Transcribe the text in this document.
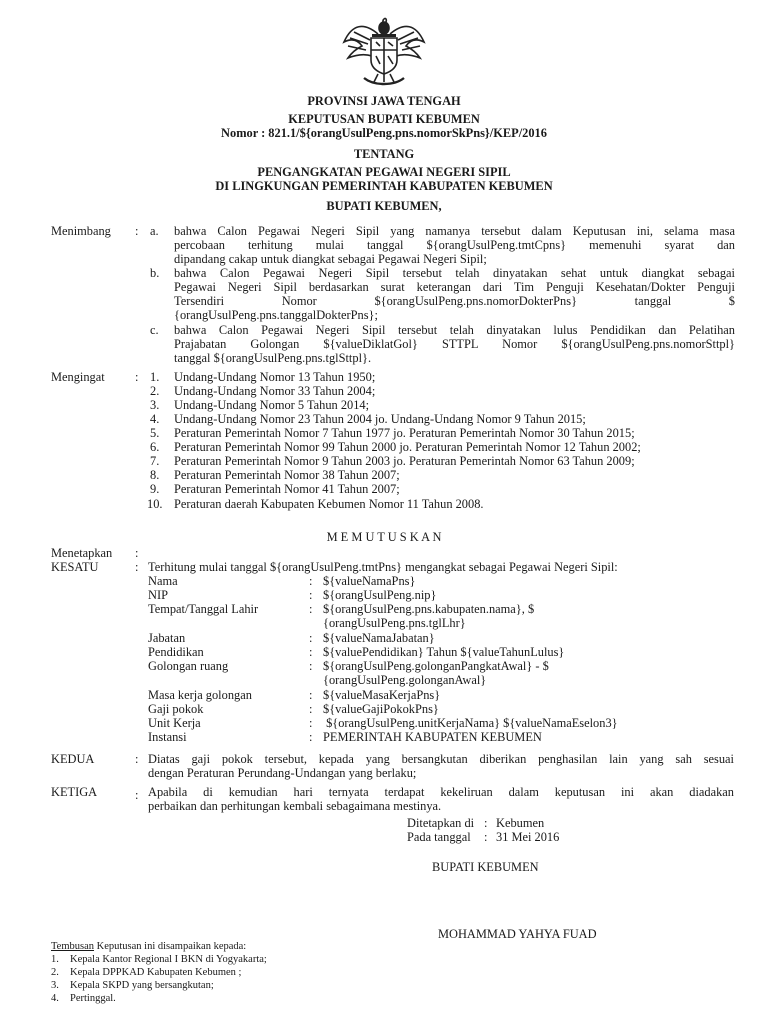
PROVINSI JAWA TENGAH
KEPUTUSAN BUPATI KEBUMEN
Nomor : 821.1/${orangUsulPeng.pns.nomorSkPns}/KEP/2016
TENTANG
PENGANGKATAN PEGAWAI NEGERI SIPIL
DI LINGKUNGAN PEMERINTAH KABUPATEN KEBUMEN
BUPATI KEBUMEN,
Menimbang : a. bahwa Calon Pegawai Negeri Sipil yang namanya tersebut dalam Keputusan ini, selama masa
percobaan terhitung mulai tanggal ${orangUsulPeng.tmtCpns} memenuhi syarat dan
dipandang cakap untuk diangkat sebagai Pegawai Negeri Sipil;
b. bahwa Calon Pegawai Negeri Sipil tersebut telah dinyatakan sehat untuk diangkat sebagai
Pegawai Negeri Sipil berdasarkan surat keterangan dari Tim Penguji Kesehatan/Dokter Penguji
Tersendiri Nomor ${orangUsulPeng.pns.nomorDokterPns} tanggal $
{orangUsulPeng.pns.tanggalDokterPns};
c. bahwa Calon Pegawai Negeri Sipil tersebut telah dinyatakan lulus Pendidikan dan Pelatihan
Prajabatan Golongan ${valueDiklatGol} STTPL Nomor ${orangUsulPeng.pns.nomorSttpl}
tanggal ${orangUsulPeng.pns.tglSttpl}.
Mengingat : 1. Undang-Undang Nomor 13 Tahun 1950;
2. Undang-Undang Nomor 33 Tahun 2004;
3. Undang-Undang Nomor 5 Tahun 2014;
4. Undang-Undang Nomor 23 Tahun 2004 jo. Undang-Undang Nomor 9 Tahun 2015;
5. Peraturan Pemerintah Nomor 7 Tahun 1977 jo. Peraturan Pemerintah Nomor 30 Tahun 2015;
6. Peraturan Pemerintah Nomor 99 Tahun 2000 jo. Peraturan Pemerintah Nomor 12 Tahun 2002;
7. Peraturan Pemerintah Nomor 9 Tahun 2003 jo. Peraturan Pemerintah Nomor 63 Tahun 2009;
8. Peraturan Pemerintah Nomor 38 Tahun 2007;
9. Peraturan Pemerintah Nomor 41 Tahun 2007;
10. Peraturan daerah Kabupaten Kebumen Nomor 11 Tahun 2008.
M E M U T U S K A N
Menetapkan :
KESATU	: Terhitung mulai tanggal ${orangUsulPeng.tmtPns} mengangkat sebagai Pegawai Negeri Sipil:
Nama	: ${valueNamaPns}
NIP	: ${orangUsulPeng.nip}
Tempat/Tanggal Lahir	: ${orangUsulPeng.pns.kabupaten.nama}, $
{orangUsulPeng.pns.tglLhr}
Jabatan	: ${valueNamaJabatan}
Pendidikan	: ${valuePendidikan} Tahun ${valueTahunLulus}
Golongan ruang	: ${orangUsulPeng.golonganPangkatAwal} - $
{orangUsulPeng.golonganAwal}
Masa kerja golongan	: ${valueMasaKerjaPns}
Gaji pokok	: ${valueGajiPokokPns}
Unit Kerja	: ${orangUsulPeng.unitKerjaNama} ${valueNamaEselon3}
Instansi	: PEMERINTAH KABUPATEN KEBUMEN
KEDUA	: Diatas gaji pokok tersebut, kepada yang bersangkutan diberikan penghasilan lain yang sah sesuai
dengan Peraturan Perundang-Undangan yang berlaku;
KETIGA	: Apabila di kemudian hari ternyata terdapat kekeliruan dalam keputusan ini akan diadakan
perbaikan dan perhitungan kembali sebagaimana mestinya.
Ditetapkan di : Kebumen
Pada tanggal : 31 Mei 2016
BUPATI KEBUMEN
MOHAMMAD YAHYA FUAD
Tembusan Keputusan ini disampaikan kepada:
1. Kepala Kantor Regional I BKN di Yogyakarta;
2. Kepala DPPKAD Kabupaten Kebumen ;
3. Kepala SKPD yang bersangkutan;
4. Pertinggal.
